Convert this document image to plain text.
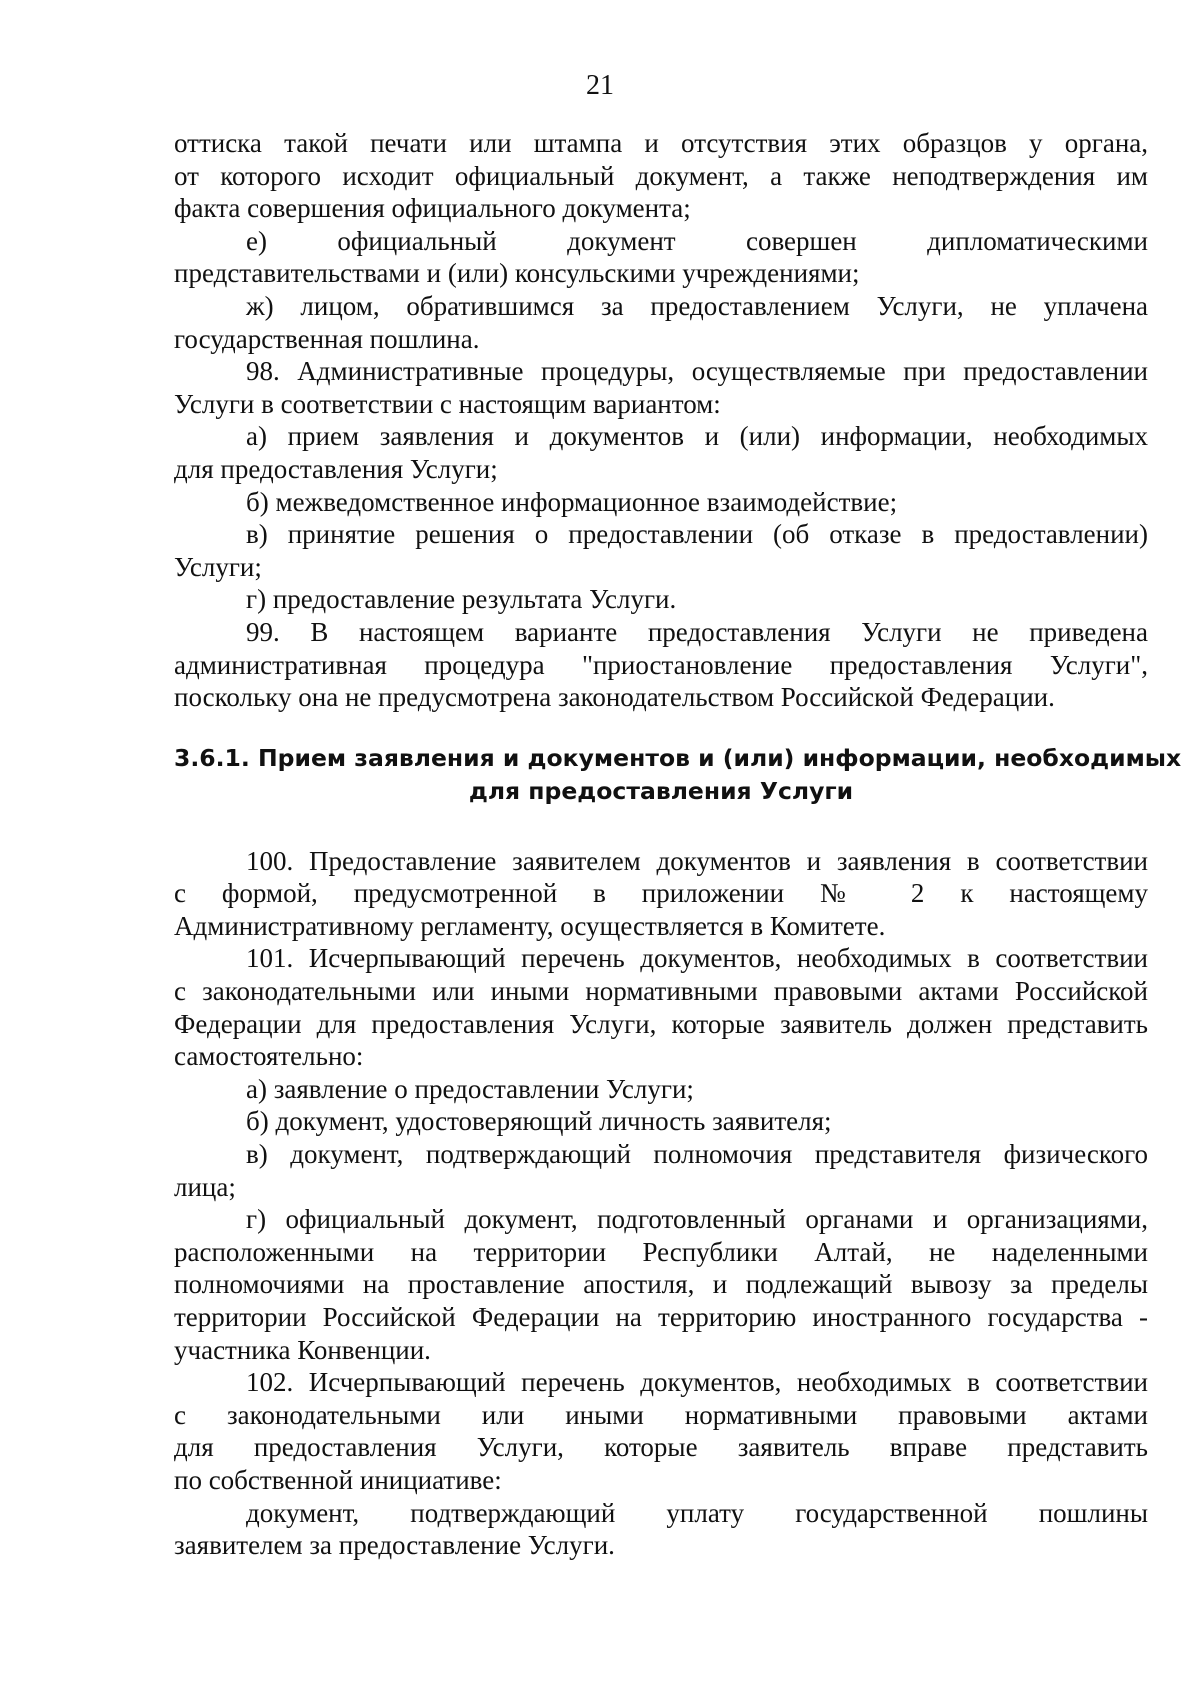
21
оттиска такой печати или штампа и отсутствия этих образцов у органа,
от которого исходит официальный документ, а также неподтверждения им
факта совершения официального документа;
е) официальный документ совершен дипломатическими
представительствами и (или) консульскими учреждениями;
ж) лицом, обратившимся за предоставлением Услуги, не уплачена
государственная пошлина.
98. Административные процедуры, осуществляемые при предоставлении
Услуги в соответствии с настоящим вариантом:
а) прием заявления и документов и (или) информации, необходимых
для предоставления Услуги;
б) межведомственное информационное взаимодействие;
в) принятие решения о предоставлении (об отказе в предоставлении)
Услуги;
г) предоставление результата Услуги.
99. В настоящем варианте предоставления Услуги не приведена
административная процедура "приостановление предоставления Услуги",
поскольку она не предусмотрена законодательством Российской Федерации.
3.6.1. Прием заявления и документов и (или) информации, необходимых
для предоставления Услуги
100. Предоставление заявителем документов и заявления в соответствии
с формой, предусмотренной в приложении № 2 к настоящему
Административному регламенту, осуществляется в Комитете.
101. Исчерпывающий перечень документов, необходимых в соответствии
с законодательными или иными нормативными правовыми актами Российской
Федерации для предоставления Услуги, которые заявитель должен представить
самостоятельно:
а) заявление о предоставлении Услуги;
б) документ, удостоверяющий личность заявителя;
в) документ, подтверждающий полномочия представителя физического
лица;
г) официальный документ, подготовленный органами и организациями,
расположенными на территории Республики Алтай, не наделенными
полномочиями на проставление апостиля, и подлежащий вывозу за пределы
территории Российской Федерации на территорию иностранного государства -
участника Конвенции.
102. Исчерпывающий перечень документов, необходимых в соответствии
с законодательными или иными нормативными правовыми актами
для предоставления Услуги, которые заявитель вправе представить
по собственной инициативе:
документ, подтверждающий уплату государственной пошлины
заявителем за предоставление Услуги.
